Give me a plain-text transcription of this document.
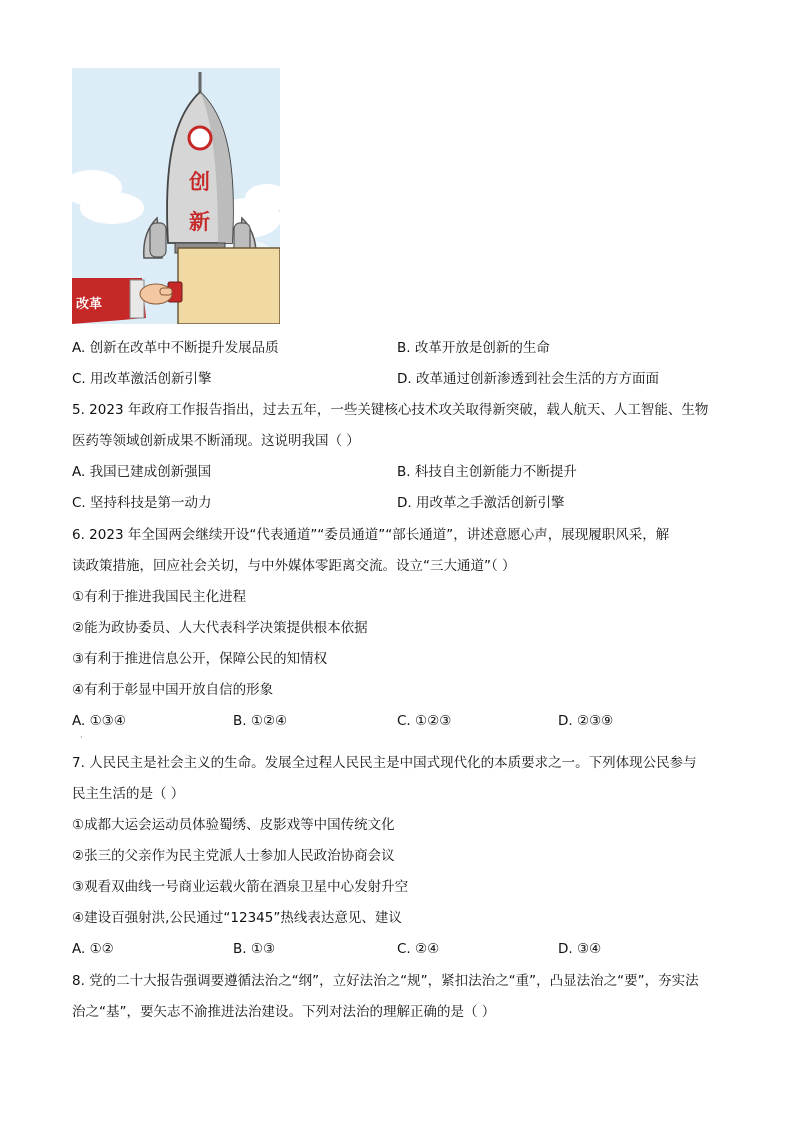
创
新
改革
A. 创新在改革中不断提升发展品质	B. 改革开放是创新的生命
C. 用改革激活创新引擎	D. 改革通过创新渗透到社会生活的方方面面
5. 2023 年政府工作报告指出，过去五年，一些关键核心技术攻关取得新突破，载人航天、人工智能、生物
医药等领域创新成果不断涌现。这说明我国（ ）
A. 我国已建成创新强国	B. 科技自主创新能力不断提升
C. 坚持科技是第一动力	D. 用改革之手激活创新引擎
6. 2023 年全国两会继续开设“代表通道”“委员通道”“部长通道”，讲述意愿心声，展现履职风采，解
读政策措施，回应社会关切，与中外媒体零距离交流。设立“三大通道”（ ）
①有利于推进我国民主化进程
②能为政协委员、人大代表科学决策提供根本依据
③有利于推进信息公开，保障公民的知情权
④有利于彰显中国开放自信的形象
A. ①③④	B. ①②④	C. ①②③	D. ②③⑨
·
7. 人民民主是社会主义的生命。发展全过程人民民主是中国式现代化的本质要求之一。下列体现公民参与
民主生活的是（ ）
①成都大运会运动员体验蜀绣、皮影戏等中国传统文化
②张三的父亲作为民主党派人士参加人民政治协商会议
③观看双曲线一号商业运载火箭在酒泉卫星中心发射升空
④建设百强射洪,公民通过“12345”热线表达意见、建议
A. ①②	B. ①③	C. ②④	D. ③④
8. 党的二十大报告强调要遵循法治之“纲”，立好法治之“规”，紧扣法治之“重”，凸显法治之“要”，夯实法
治之“基”，要矢志不渝推进法治建设。下列对法治的理解正确的是（ ）
